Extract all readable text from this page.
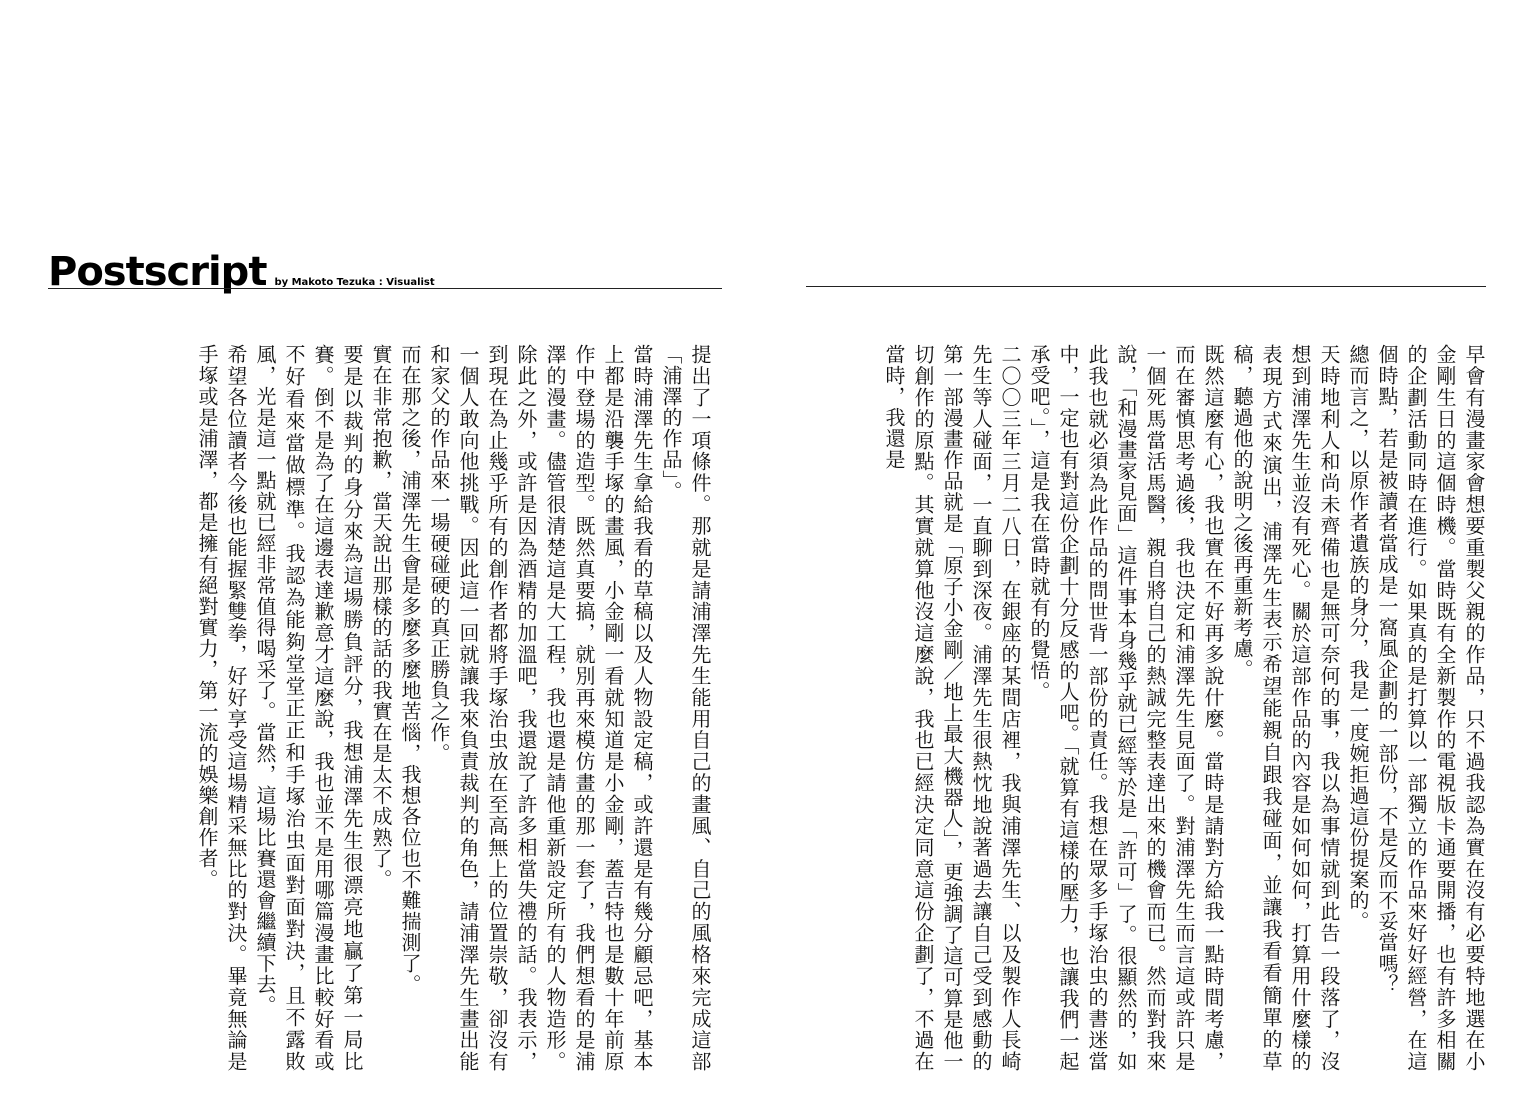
Postscript by Makoto Tezuka : Visualist

提出了一項條件。那就是請浦澤先生能用自己的畫風、自己的風格來完成這部「浦澤的作品」。

當時浦澤先生拿給我看的草稿以及人物設定稿，或許還是有幾分顧忌吧，基本上都是沿襲手塚的畫風，小金剛一看就知道是小金剛，蓋吉特也是數十年前原作中登場的造型。既然真要搞，就別再來模仿畫的那一套了，我們想看的是浦澤的漫畫。儘管很清楚這是大工程，我也還是請他重新設定所有的人物造形。除此之外，或許是因為酒精的加溫吧，我還說了許多相當失禮的話。我表示，到現在為止幾乎所有的創作者都將手塚治虫放在至高無上的位置崇敬，卻沒有一個人敢向他挑戰。因此這一回就讓我來負責裁判的角色，請浦澤先生畫出能和家父的作品來一場硬碰硬的真正勝負之作。

而在那之後，浦澤先生會是多麼多麼地苦惱，我想各位也不難揣測了。

實在非常抱歉，當天說出那樣的話的我實在是太不成熟了。

要是以裁判的身分來為這場勝負評分，我想浦澤先生很漂亮地贏了第一局比賽。倒不是為了在這邊表達歉意才這麼說，我也並不是用哪篇漫畫比較好看或不好看來當做標準。我認為能夠堂堂正正和手塚治虫面對面對決，且不露敗風，光是這一點就已經非常值得喝采了。當然，這場比賽還會繼續下去。

希望各位讀者今後也能握緊雙拳，好好享受這場精采無比的對決。畢竟無論是手塚或是浦澤，都是擁有絕對實力，第一流的娛樂創作者。	早會有漫畫家會想要重製父親的作品，只不過我認為實在沒有必要特地選在小金剛生日的這個時機。當時既有全新製作的電視版卡通要開播，也有許多相關的企劃活動同時在進行。如果真的是打算以一部獨立的作品來好好經營，在這個時點，若是被讀者當成是一窩風企劃的一部份，不是反而不妥當嗎？

總而言之，以原作者遺族的身分，我是一度婉拒過這份提案的。

天時地利人和尚未齊備也是無可奈何的事，我以為事情就到此告一段落了，沒想到浦澤先生並沒有死心。關於這部作品的內容是如何如何，打算用什麼樣的表現方式來演出，浦澤先生表示希望能親自跟我碰面，並讓我看看簡單的草稿，聽過他的說明之後再重新考慮。

既然這麼有心，我也實在不好再多說什麼。當時是請對方給我一點時間考慮，而在審慎思考過後，我也決定和浦澤先生見面了。對浦澤先生而言這或許只是一個死馬當活馬醫，親自將自己的熱誠完整表達出來的機會而已。然而對我來說，「和漫畫家見面」這件事本身幾乎就已經等於是「許可」了。很顯然的，如此我也就必須為此作品的問世背一部份的責任。我想在眾多手塚治虫的書迷當中，一定也有對這份企劃十分反感的人吧。「就算有這樣的壓力，也讓我們一起承受吧。」，這是我在當時就有的覺悟。

二〇〇三年三月二八日，在銀座的某間店裡，我與浦澤先生、以及製作人長崎先生等人碰面，一直聊到深夜。浦澤先生很熱忱地說著過去讓自己受到感動的第一部漫畫作品就是「原子小金剛／地上最大機器人」，更強調了這可算是他一切創作的原點。其實就算他沒這麼說，我也已經決定同意這份企劃了，不過在當時，我還是
